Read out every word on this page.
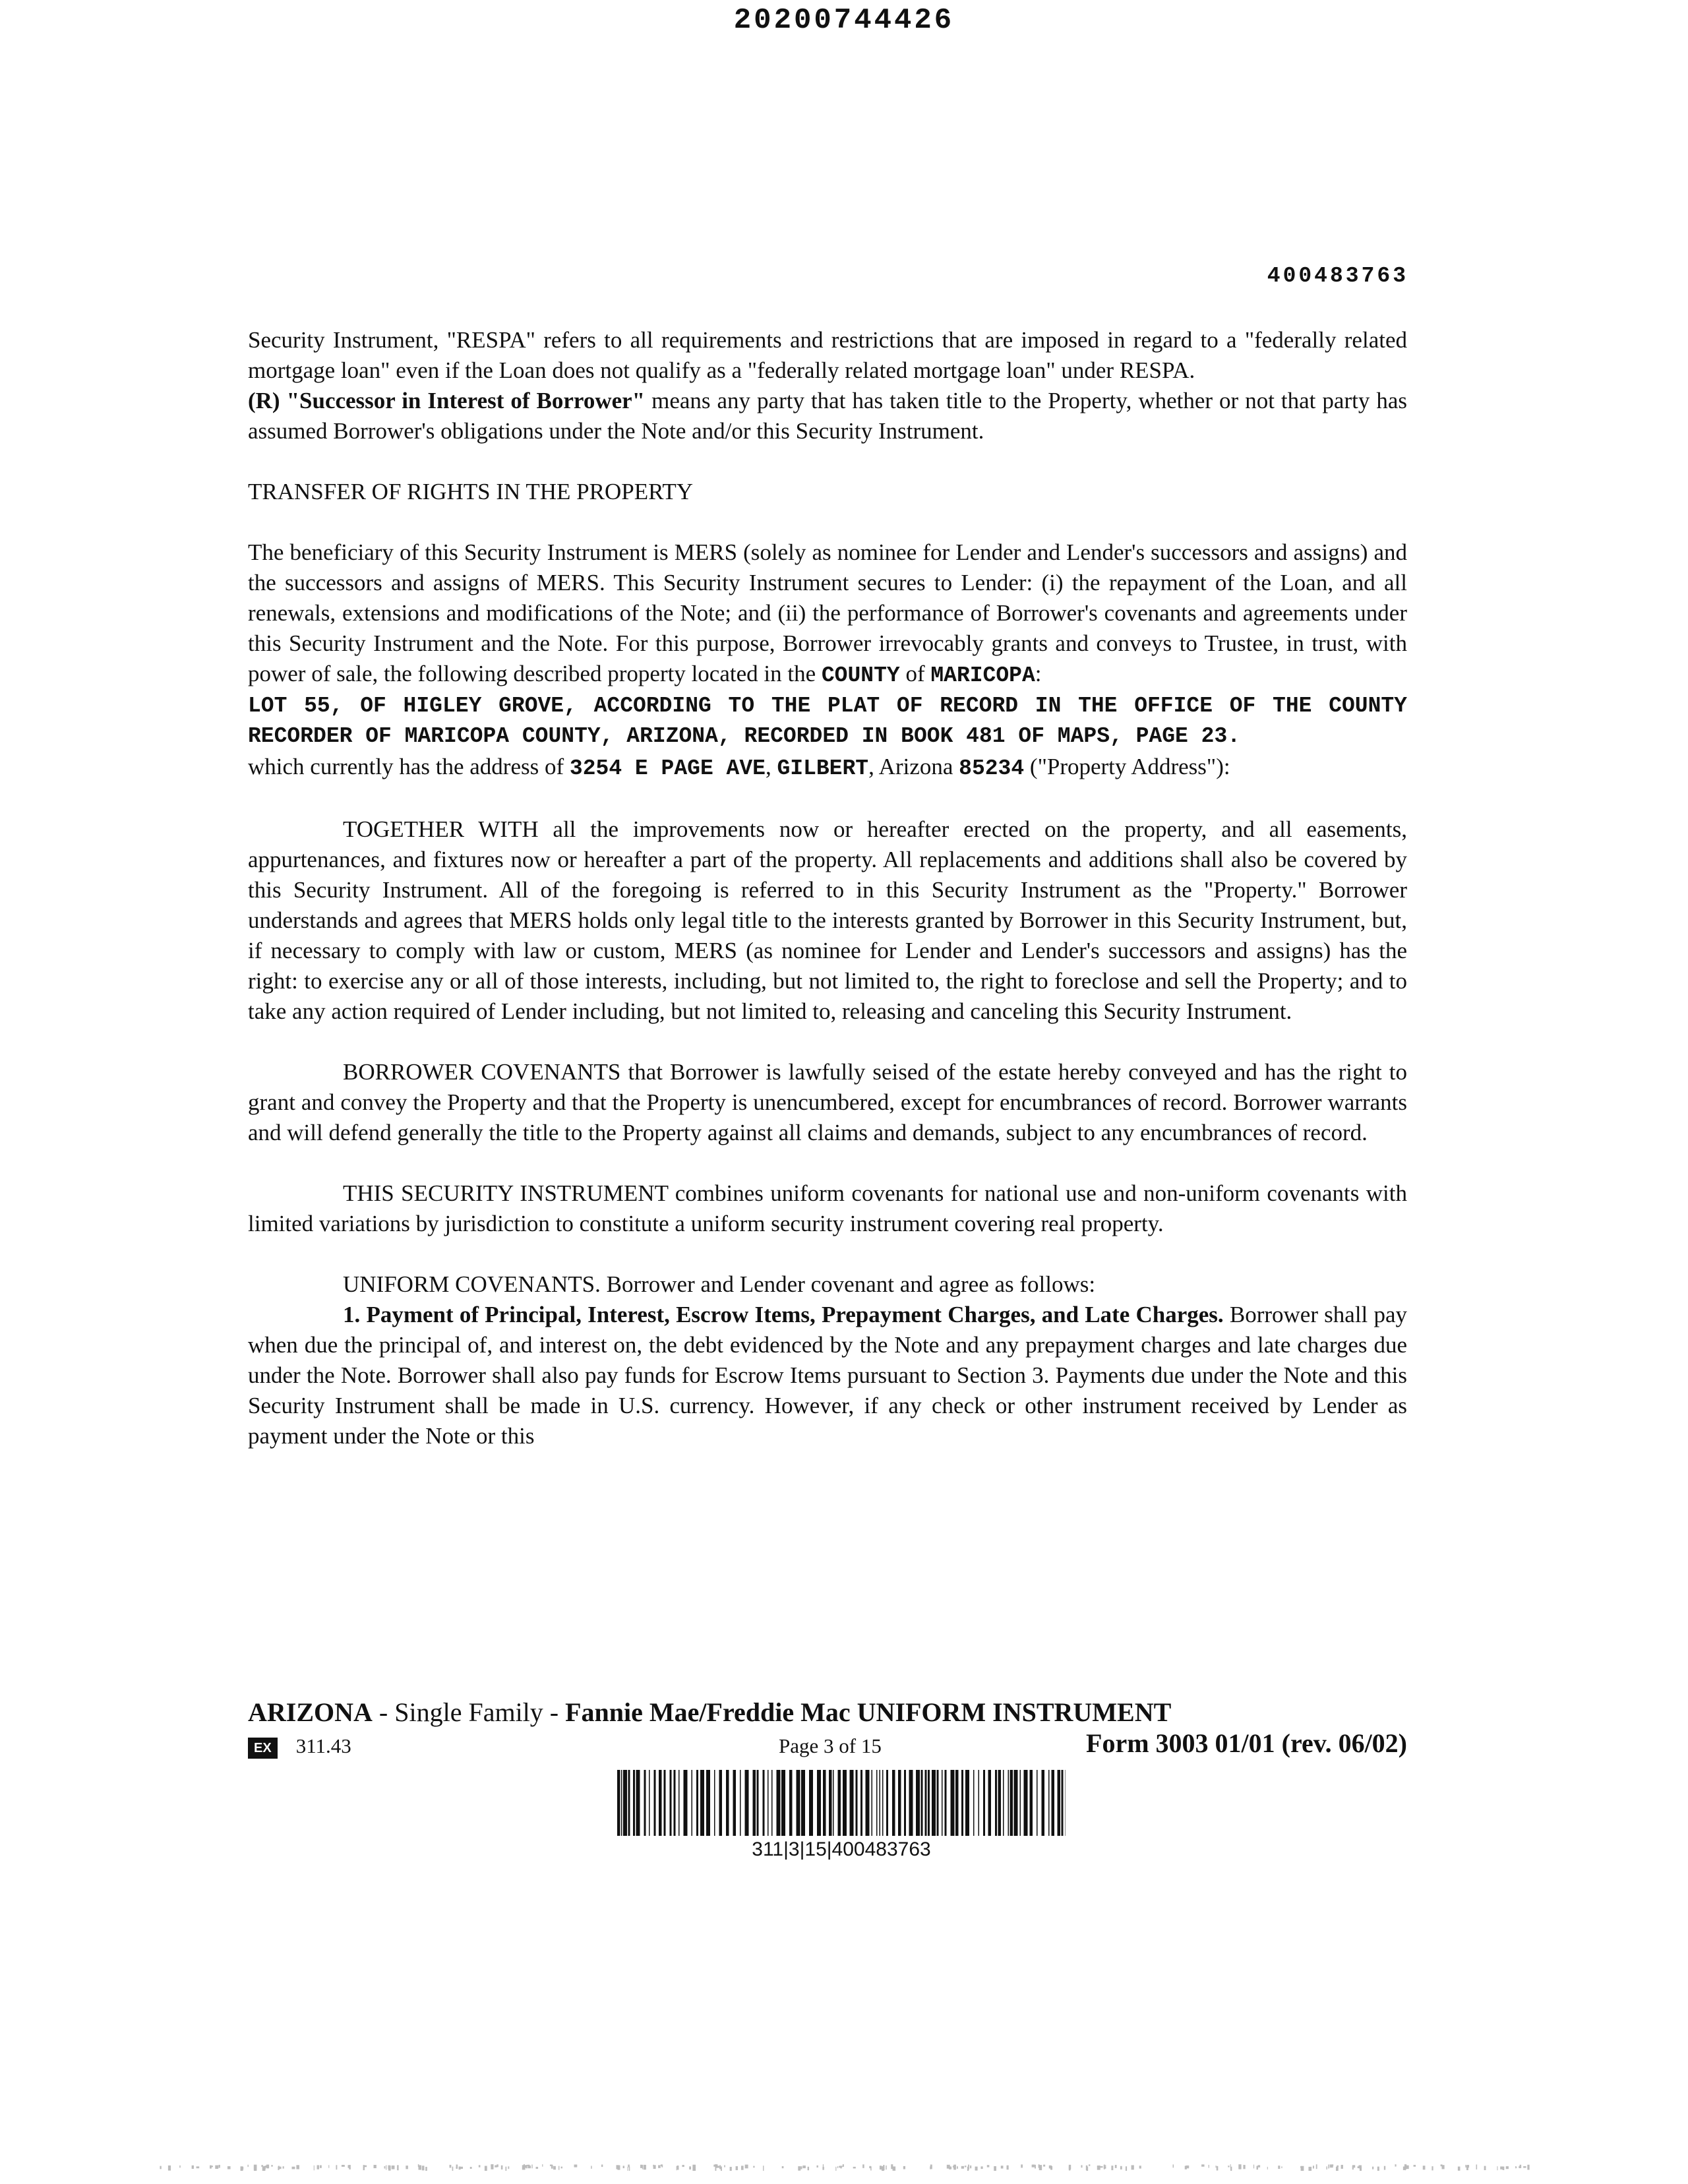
20200744426
400483763

Security Instrument, "RESPA" refers to all requirements and restrictions that are imposed in regard to a "federally related mortgage loan" even if the Loan does not qualify as a "federally related mortgage loan" under RESPA.

(R) "Successor in Interest of Borrower" means any party that has taken title to the Property, whether or not that party has assumed Borrower's obligations under the Note and/or this Security Instrument.

TRANSFER OF RIGHTS IN THE PROPERTY

The beneficiary of this Security Instrument is MERS (solely as nominee for Lender and Lender's successors and assigns) and the successors and assigns of MERS. This Security Instrument secures to Lender: (i) the repayment of the Loan, and all renewals, extensions and modifications of the Note; and (ii) the performance of Borrower's covenants and agreements under this Security Instrument and the Note. For this purpose, Borrower irrevocably grants and conveys to Trustee, in trust, with power of sale, the following described property located in the COUNTY of MARICOPA:

LOT 55, OF HIGLEY GROVE, ACCORDING TO THE PLAT OF RECORD IN THE OFFICE OF THE COUNTY RECORDER OF MARICOPA COUNTY, ARIZONA, RECORDED IN BOOK 481 OF MAPS, PAGE 23.

which currently has the address of 3254 E PAGE AVE, GILBERT, Arizona 85234 ("Property Address"):

TOGETHER WITH all the improvements now or hereafter erected on the property, and all easements, appurtenances, and fixtures now or hereafter a part of the property. All replacements and additions shall also be covered by this Security Instrument. All of the foregoing is referred to in this Security Instrument as the "Property." Borrower understands and agrees that MERS holds only legal title to the interests granted by Borrower in this Security Instrument, but, if necessary to comply with law or custom, MERS (as nominee for Lender and Lender's successors and assigns) has the right: to exercise any or all of those interests, including, but not limited to, the right to foreclose and sell the Property; and to take any action required of Lender including, but not limited to, releasing and canceling this Security Instrument.

BORROWER COVENANTS that Borrower is lawfully seised of the estate hereby conveyed and has the right to grant and convey the Property and that the Property is unencumbered, except for encumbrances of record. Borrower warrants and will defend generally the title to the Property against all claims and demands, subject to any encumbrances of record.

THIS SECURITY INSTRUMENT combines uniform covenants for national use and non-uniform covenants with limited variations by jurisdiction to constitute a uniform security instrument covering real property.

UNIFORM COVENANTS. Borrower and Lender covenant and agree as follows:

1. Payment of Principal, Interest, Escrow Items, Prepayment Charges, and Late Charges. Borrower shall pay when due the principal of, and interest on, the debt evidenced by the Note and any prepayment charges and late charges due under the Note. Borrower shall also pay funds for Escrow Items pursuant to Section 3. Payments due under the Note and this Security Instrument shall be made in U.S. currency. However, if any check or other instrument received by Lender as payment under the Note or this

ARIZONA - Single Family - Fannie Mae/Freddie Mac UNIFORM INSTRUMENT
EX 311.43	Page 3 of 15	Form 3003 01/01 (rev. 06/02)
311|3|15|400483763
